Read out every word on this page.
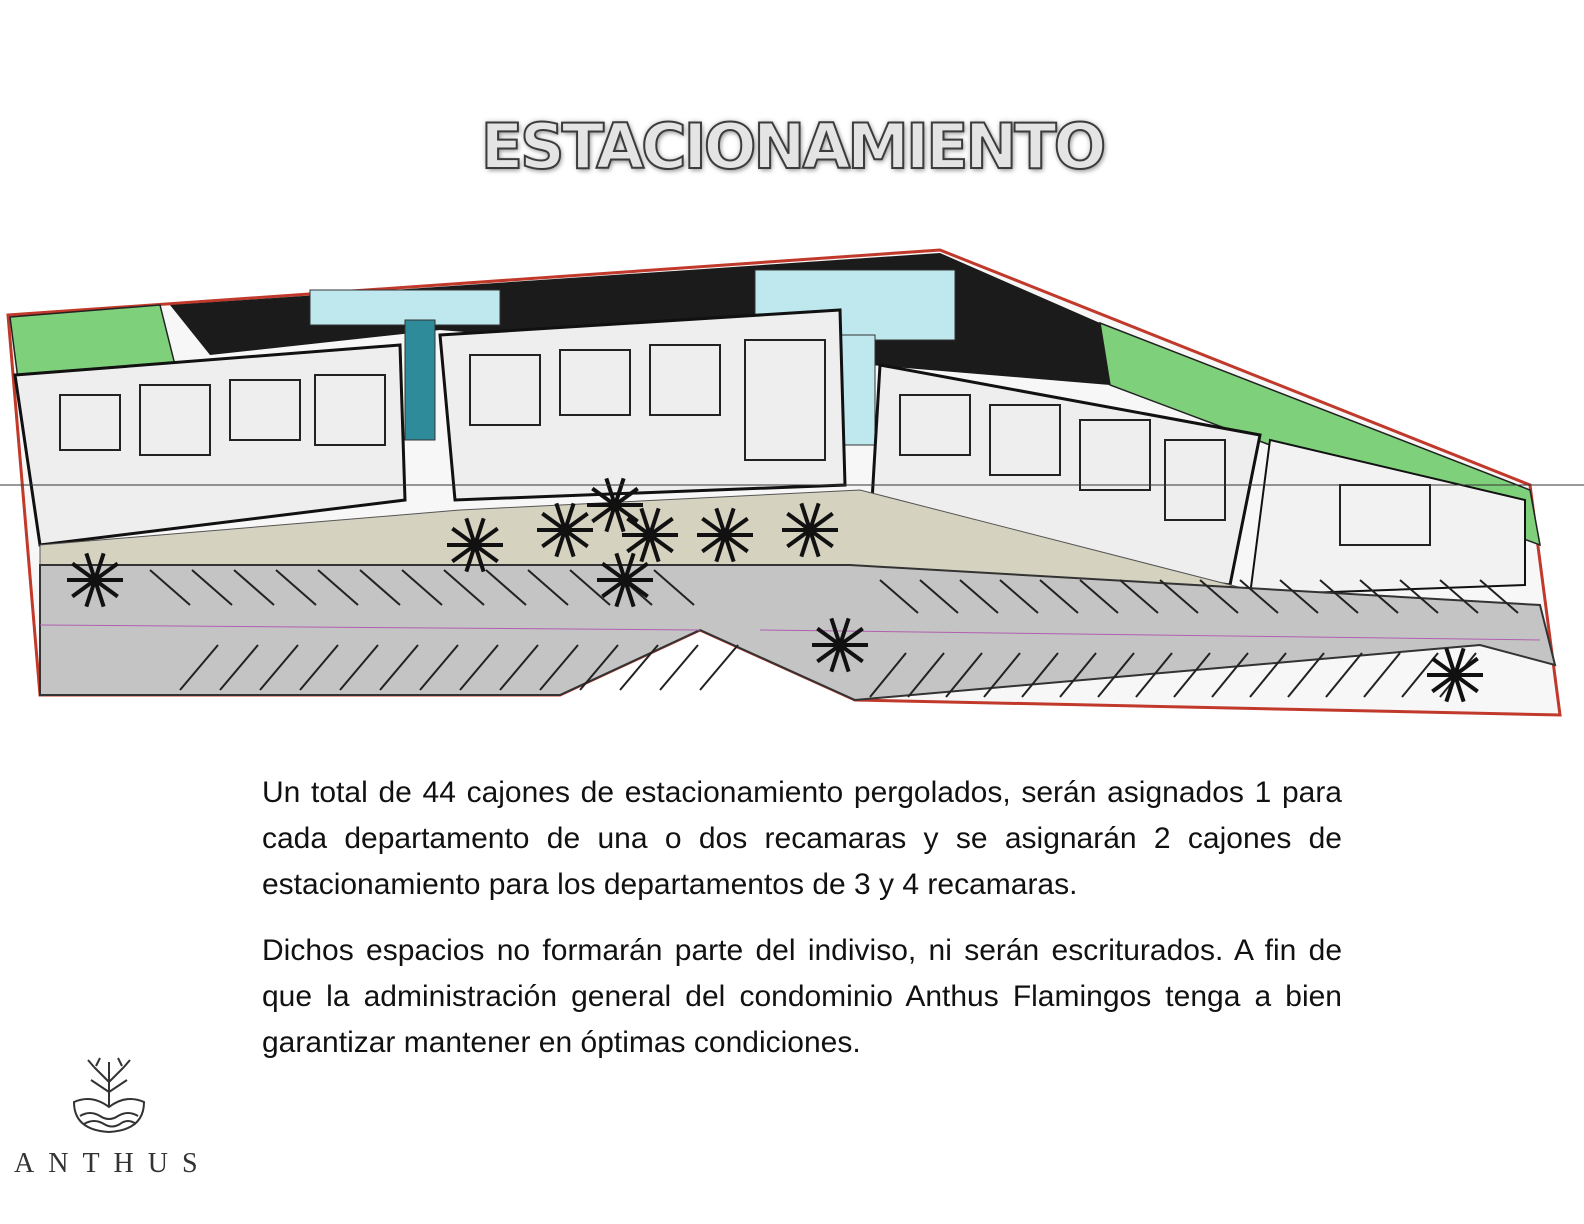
ESTACIONAMIENTO

Un total de 44 cajones de estacionamiento pergolados, serán asignados 1 para cada departamento de una o dos recamaras y se asignarán 2 cajones de estacionamiento para los departamentos de 3 y 4 recamaras.

Dichos espacios no formarán parte del indiviso, ni serán escriturados. A fin de que la administración general del condominio Anthus Flamingos tenga a bien garantizar mantener en óptimas condiciones.

ANTHUS
